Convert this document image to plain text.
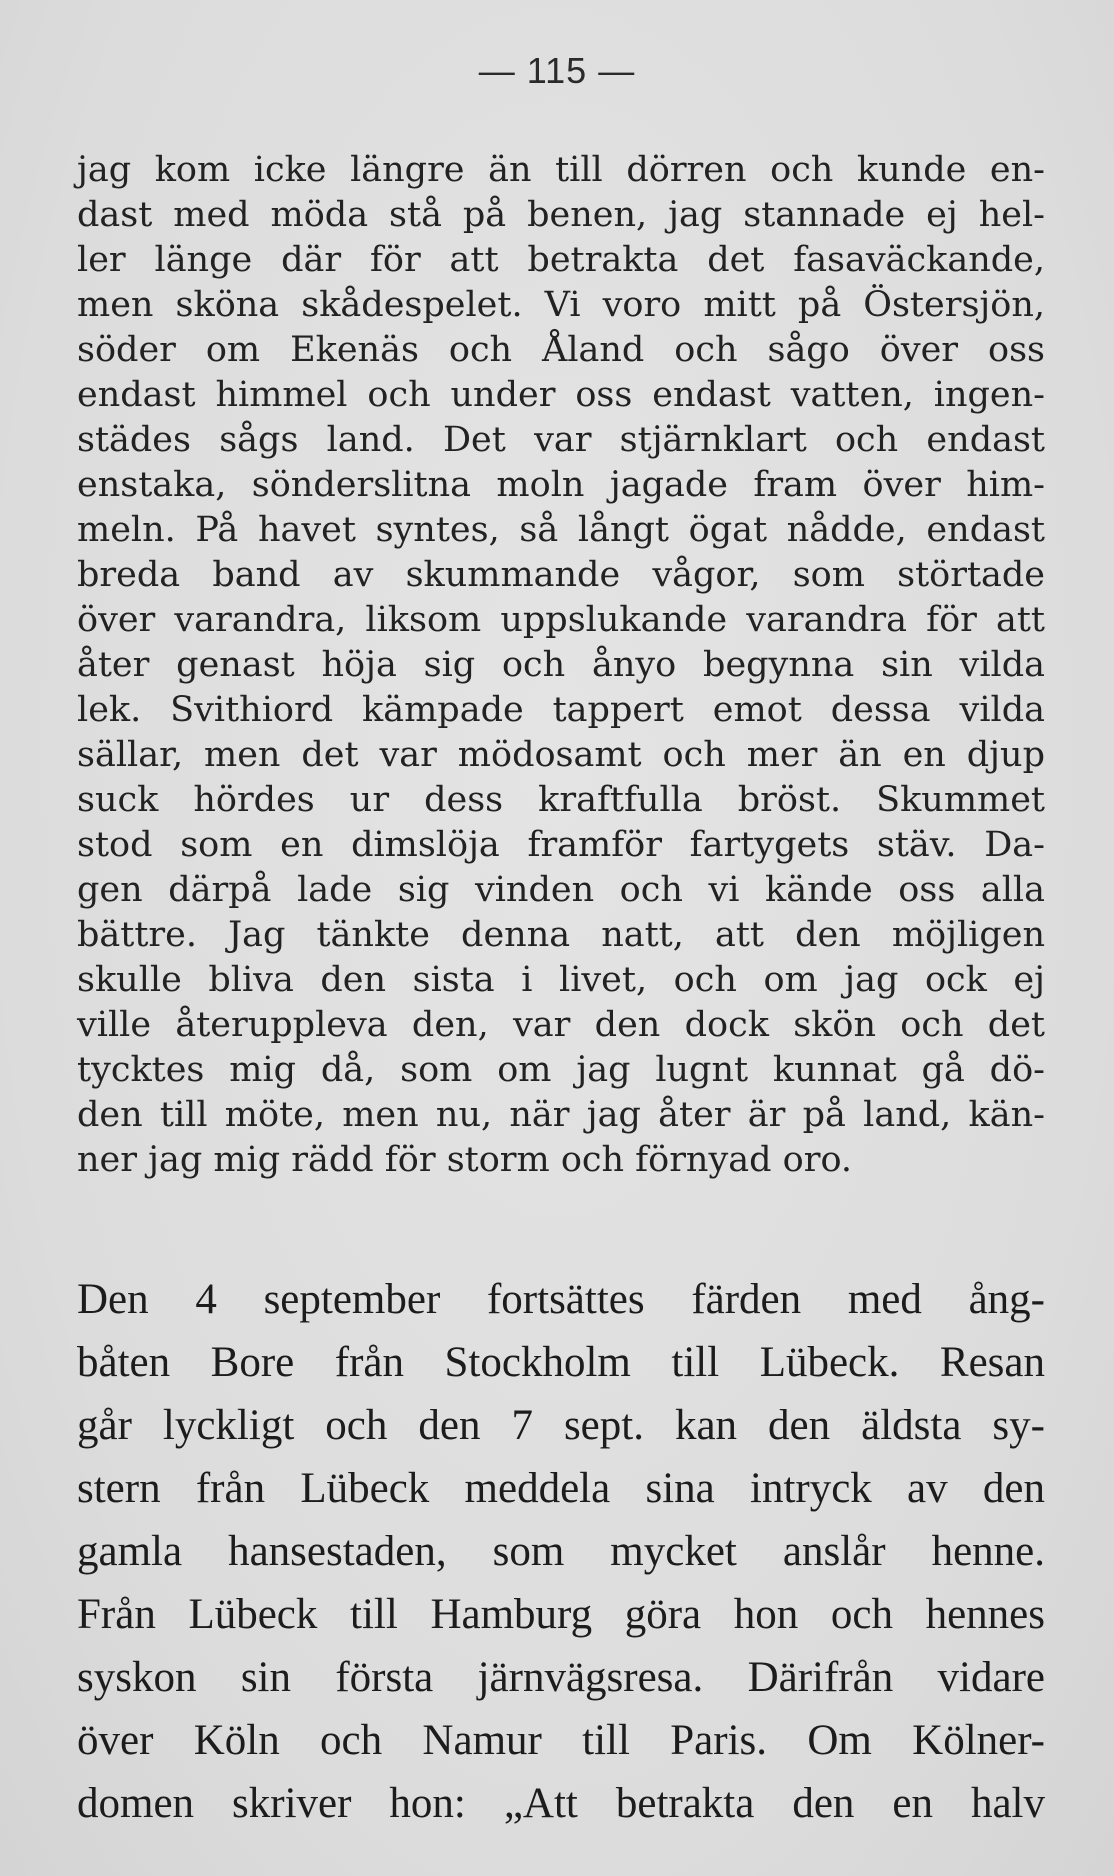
— 115 —
jag kom icke längre än till dörren och kunde en-
dast med möda stå på benen, jag stannade ej hel-
ler länge där för att betrakta det fasaväckande,
men sköna skådespelet. Vi voro mitt på Östersjön,
söder om Ekenäs och Åland och sågo över oss
endast himmel och under oss endast vatten, ingen-
städes sågs land. Det var stjärnklart och endast
enstaka, sönderslitna moln jagade fram över him-
meln. På havet syntes, så långt ögat nådde, endast
breda band av skummande vågor, som störtade
över varandra, liksom uppslukande varandra för att
åter genast höja sig och ånyo begynna sin vilda
lek. Svithiord kämpade tappert emot dessa vilda
sällar, men det var mödosamt och mer än en djup
suck hördes ur dess kraftfulla bröst. Skummet
stod som en dimslöja framför fartygets stäv. Da-
gen därpå lade sig vinden och vi kände oss alla
bättre. Jag tänkte denna natt, att den möjligen
skulle bliva den sista i livet, och om jag ock ej
ville återuppleva den, var den dock skön och det
tycktes mig då, som om jag lugnt kunnat gå dö-
den till möte, men nu, när jag åter är på land, kän-
ner jag mig rädd för storm och förnyad oro.
Den 4 september fortsättes färden med ång-
båten Bore från Stockholm till Lübeck. Resan
går lyckligt och den 7 sept. kan den äldsta sy-
stern från Lübeck meddela sina intryck av den
gamla hansestaden, som mycket anslår henne.
Från Lübeck till Hamburg göra hon och hennes
syskon sin första järnvägsresa. Därifrån vidare
över Köln och Namur till Paris. Om Kölner-
domen skriver hon: „Att betrakta den en halv
